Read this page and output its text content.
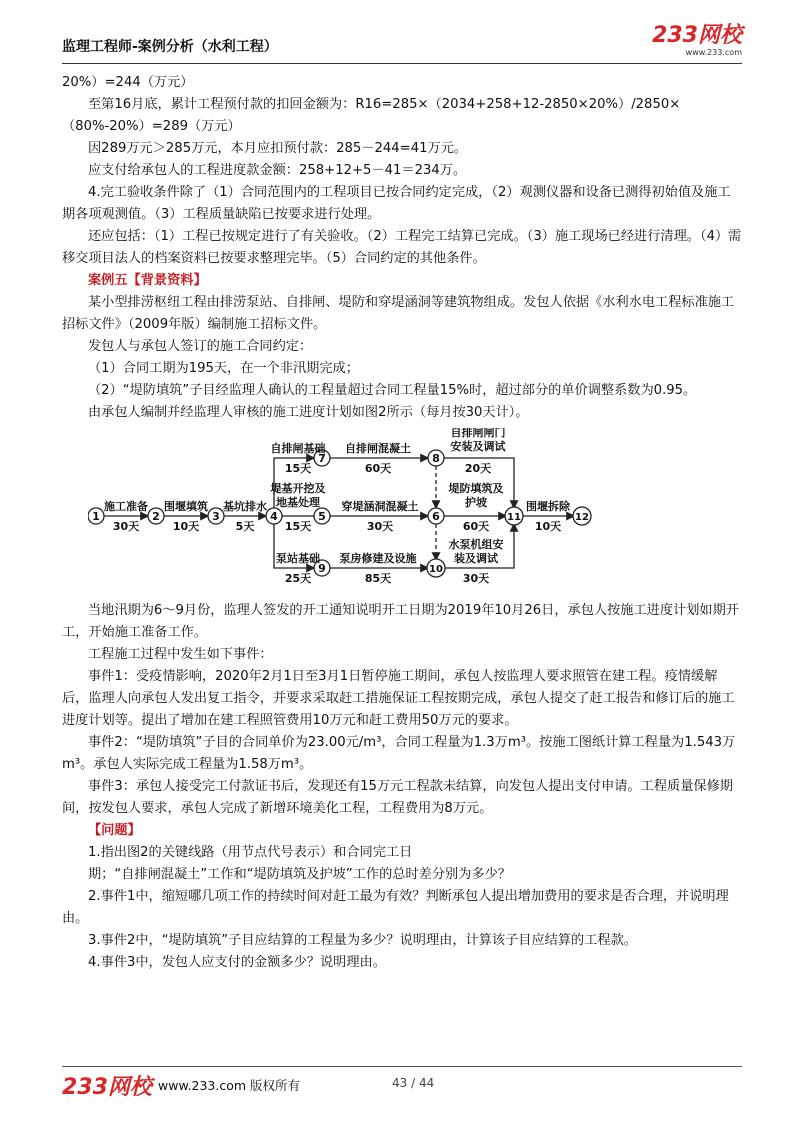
监理工程师-案例分析（水利工程）	233网校
www.233.com

20%）=244（万元）

至第16月底，累计工程预付款的扣回金额为：R16=285×（2034+258+12-2850×20%）/2850×（80%-20%）=289（万元）

因289万元＞285万元，本月应扣预付款：285－244=41万元。

应支付给承包人的工程进度款金额：258+12+5－41＝234万。

4.完工验收条件除了（1）合同范围内的工程项目已按合同约定完成，（2）观测仪器和设备已测得初始值及施工期各项观测值。（3）工程质量缺陷已按要求进行处理。

还应包括：（1）工程已按规定进行了有关验收。（2）工程完工结算已完成。（3）施工现场已经进行清理。（4）需移交项目法人的档案资料已按要求整理完毕。（5）合同约定的其他条件。

案例五【背景资料】

某小型排涝枢纽工程由排涝泵站、自排闸、堤防和穿堤涵洞等建筑物组成。发包人依据《水利水电工程标准施工招标文件》（2009年版）编制施工招标文件。

发包人与承包人签订的施工合同约定：

（1）合同工期为195天，在一个非汛期完成；

（2）“堤防填筑”子目经监理人确认的工程量超过合同工程量15%时，超过部分的单价调整系数为0.95。

由承包人编制并经监理人审核的施工进度计划如图2所示（每月按30天计）。

1	2	3	4	5	6
7	8
9	10
11	12
施工准备
30天
围堰填筑
10天
基坑排水
5天
自排闸基础
15天
自排闸混凝土
60天
自排闸闸门
安装及调试
20天
堤基开挖及
地基处理
15天
穿堤涵洞混凝土
30天
堤防填筑及
护坡
60天
围堰拆除
10天
泵站基础
25天
泵房修建及设施
85天
水泵机组安
装及调试
30天

当地汛期为6～9月份，监理人签发的开工通知说明开工日期为2019年10月26日，承包人按施工进度计划如期开工，开始施工准备工作。

工程施工过程中发生如下事件：

事件1：受疫情影响，2020年2月1日至3月1日暂停施工期间，承包人按监理人要求照管在建工程。疫情缓解后，监理人向承包人发出复工指令，并要求采取赶工措施保证工程按期完成，承包人提交了赶工报告和修订后的施工进度计划等。提出了增加在建工程照管费用10万元和赶工费用50万元的要求。

事件2：“堤防填筑”子目的合同单价为23.00元/m³，合同工程量为1.3万m³。按施工图纸计算工程量为1.543万m³。承包人实际完成工程量为1.58万m³。

事件3：承包人接受完工付款证书后，发现还有15万元工程款未结算，向发包人提出支付申请。工程质量保修期间，按发包人要求，承包人完成了新增环境美化工程，工程费用为8万元。

【问题】

1.指出图2的关键线路（用节点代号表示）和合同完工日

期；“自排闸混凝土”工作和“堤防填筑及护坡”工作的总时差分别为多少？

2.事件1中，缩短哪几项工作的持续时间对赶工最为有效？判断承包人提出增加费用的要求是否合理，并说明理由。

3.事件2中，“堤防填筑”子目应结算的工程量为多少？说明理由，计算该子目应结算的工程款。

4.事件3中，发包人应支付的金额多少？说明理由。

233网校 www.233.com 版权所有	43 / 44
